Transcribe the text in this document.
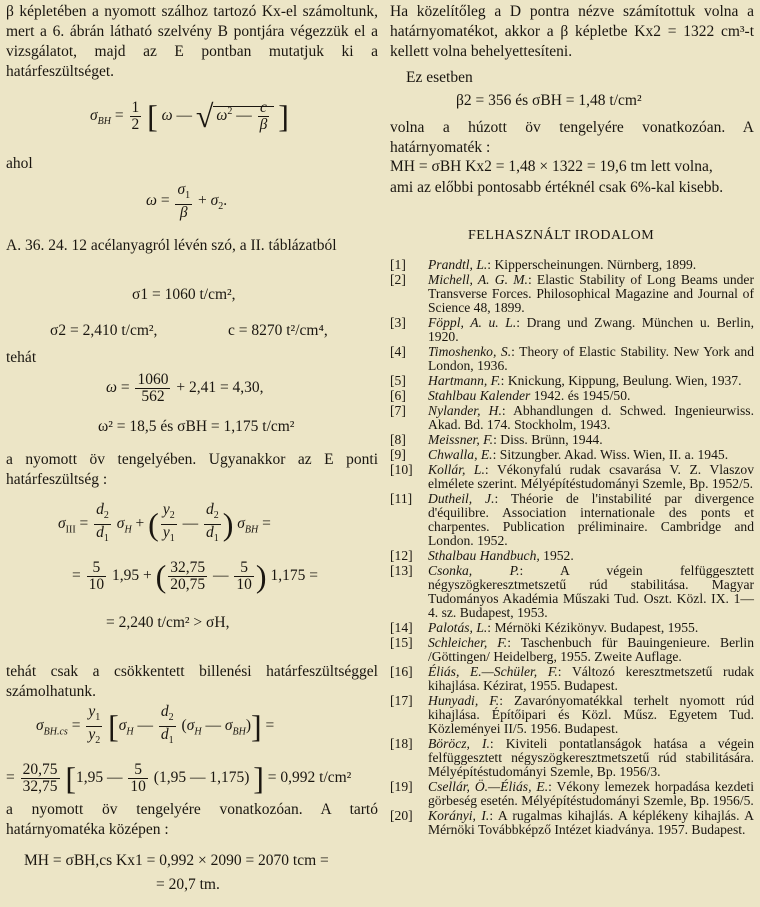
β képletében a nyomott szálhoz tartozó Kx-el számoltunk, mert a 6. ábrán látható szelvény B pontjára végezzük el a vizsgálatot, majd az E pontban mutatjuk ki a határfeszültséget.

$\sigma_{BH} = \frac{1}{2}$ [ ω — √ $\omega^2$ — $\frac{c}{\beta}$ ]

ahol

$\omega = \frac{\sigma_1}{\beta} + \sigma_2$.

A. 36. 24. 12 acélanyagról lévén szó, a II. táblázatból

σ1 = 1060 t/cm²,
σ2 = 2,410 t/cm²,	c = 8270 t²/cm⁴,

tehát

$\omega = \frac{1060}{562} + 2,41 = 4,30$,
ω² = 18,5 és σBH = 1,175 t/cm²

a nyomott öv tengelyében. Ugyanakkor az E ponti határfeszültség :

$\sigma_{III} = \frac{d_2}{d_1} \sigma_H$ + ( $\frac{y_2}{y_1}$ — $\frac{d_2}{d_1}$ ) $\sigma_{BH}$ =
= $\frac{5}{10} 1,95$ + ( $\frac{32,75}{20,75}$ — $\frac{5}{10}$ ) 1,175 =
= 2,240 t/cm² > σH,

tehát csak a csökkentett billenési határfeszültséggel számolhatunk.

$\sigma_{BH.cs} = \frac{y_1}{y_2} [\sigma_H$ — $\frac{d_2}{d_1} (\sigma_H$ — $\sigma_{BH}$)] =
= $\frac{20,75}{32,75} [1,95$ — $\frac{5}{10} (1,95$ — 1,175) ] = 0,992 t/cm²

a nyomott öv tengelyére vonatkozóan. A tartó határnyomatéka középen :

MH = σBH,cs Kx1 = 0,992 × 2090 = 2070 tcm =
= 20,7 tm.

Ha közelítőleg a D pontra nézve számítottuk volna a határnyomatékot, akkor a β képletbe Kx2 = 1322 cm³-t kellett volna behelyettesíteni.

Ez esetben

β2 = 356 és σBH = 1,48 t/cm²

volna a húzott öv tengelyére vonatkozóan. A határnyomaték :

MH = σBH Kx2 = 1,48 × 1322 = 19,6 tm lett volna,

ami az előbbi pontosabb értéknél csak 6%-kal kisebb.

FELHASZNÁLT IRODALOM
[1]	Prandtl, L.: Kipperscheinungen. Nürnberg, 1899.
[2]	Michell, A. G. M.: Elastic Stability of Long Beams under Transverse Forces. Philosophical Magazine and Journal of Science 48, 1899.
[3]	Föppl, A. u. L.: Drang und Zwang. München u. Berlin, 1920.
[4]	Timoshenko, S.: Theory of Elastic Stability. New York and London, 1936.
[5]	Hartmann, F.: Knickung, Kippung, Beulung. Wien, 1937.
[6]	Stahlbau Kalender 1942. és 1945/50.
[7]	Nylander, H.: Abhandlungen d. Schwed. Ingenieurwiss. Akad. Bd. 174. Stockholm, 1943.
[8]	Meissner, F.: Diss. Brünn, 1944.
[9]	Chwalla, E.: Sitzungber. Akad. Wiss. Wien, II. a. 1945.
[10]	Kollár, L.: Vékonyfalú rudak csavarása V. Z. Vlaszov elmélete szerint. Mélyépítéstudományi Szemle, Bp. 1952/5.
[11]	Dutheil, J.: Théorie de l'instabilité par divergence d'équilibre. Association internationale des ponts et charpentes. Publication préliminaire. Cambridge and London. 1952.
[12]	Sthalbau Handbuch, 1952.
[13]	Csonka, P.: A végein felfüggesztett négyszögkeresztmetszetű rúd stabilitása. Magyar Tudományos Akadémia Műszaki Tud. Oszt. Közl. IX. 1—4. sz. Budapest, 1953.
[14]	Palotás, L.: Mérnöki Kézikönyv. Budapest, 1955.
[15]	Schleicher, F.: Taschenbuch für Bauingenieure. Berlin /Göttingen/ Heidelberg, 1955. Zweite Auflage.
[16]	Éliás, E.—Schüler, F.: Változó keresztmetszetű rudak kihajlása. Kézirat, 1955. Budapest.
[17]	Hunyadi, F.: Zavarónyomatékkal terhelt nyomott rúd kihajlása. Építőipari és Közl. Műsz. Egyetem Tud. Közleményei II/5. 1956. Budapest.
[18]	Böröcz, I.: Kiviteli pontatlanságok hatása a végein felfüggesztett négyszögkeresztmetszetű rúd stabilitására. Mélyépítéstudományi Szemle, Bp. 1956/3.
[19]	Csellár, Ö.—Éliás, E.: Vékony lemezek horpadása kezdeti görbeség esetén. Mélyépítéstudományi Szemle, Bp. 1956/5.
[20]	Korányi, I.: A rugalmas kihajlás. A képlékeny kihajlás. A Mérnöki Továbbképző Intézet kiadványa. 1957. Budapest.
